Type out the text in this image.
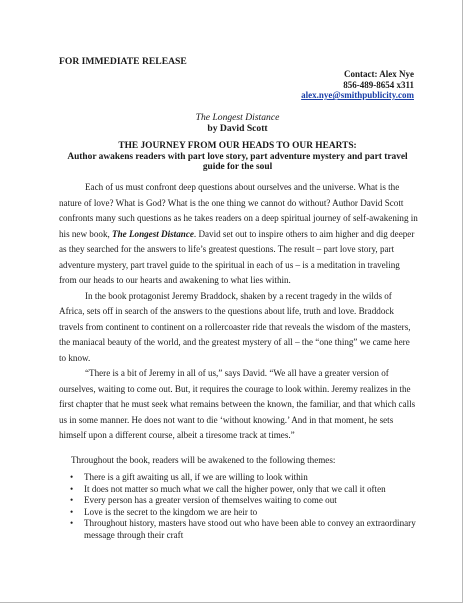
FOR IMMEDIATE RELEASE
Contact: Alex Nye
856-489-8654 x311
alex.nye@smithpublicity.com
The Longest Distance
by David Scott
THE JOURNEY FROM OUR HEADS TO OUR HEARTS:
Author awakens readers with part love story, part adventure mystery and part travel guide for the soul

Each of us must confront deep questions about ourselves and the universe. What is the nature of love? What is God? What is the one thing we cannot do without? Author David Scott confronts many such questions as he takes readers on a deep spiritual journey of self-awakening in his new book, The Longest Distance. David set out to inspire others to aim higher and dig deeper as they searched for the answers to life’s greatest questions. The result – part love story, part adventure mystery, part travel guide to the spiritual in each of us – is a meditation in traveling from our heads to our hearts and awakening to what lies within.

In the book protagonist Jeremy Braddock, shaken by a recent tragedy in the wilds of Africa, sets off in search of the answers to the questions about life, truth and love. Braddock travels from continent to continent on a rollercoaster ride that reveals the wisdom of the masters, the maniacal beauty of the world, and the greatest mystery of all – the “one thing” we came here to know.

“There is a bit of Jeremy in all of us,” says David. “We all have a greater version of ourselves, waiting to come out. But, it requires the courage to look within. Jeremy realizes in the first chapter that he must seek what remains between the known, the familiar, and that which calls us in some manner. He does not want to die ‘without knowing.’ And in that moment, he sets himself upon a different course, albeit a tiresome track at times.”

Throughout the book, readers will be awakened to the following themes:
• There is a gift awaiting us all, if we are willing to look within
• It does not matter so much what we call the higher power, only that we call it often
• Every person has a greater version of themselves waiting to come out
• Love is the secret to the kingdom we are heir to
• Throughout history, masters have stood out who have been able to convey an extraordinary message through their craft
